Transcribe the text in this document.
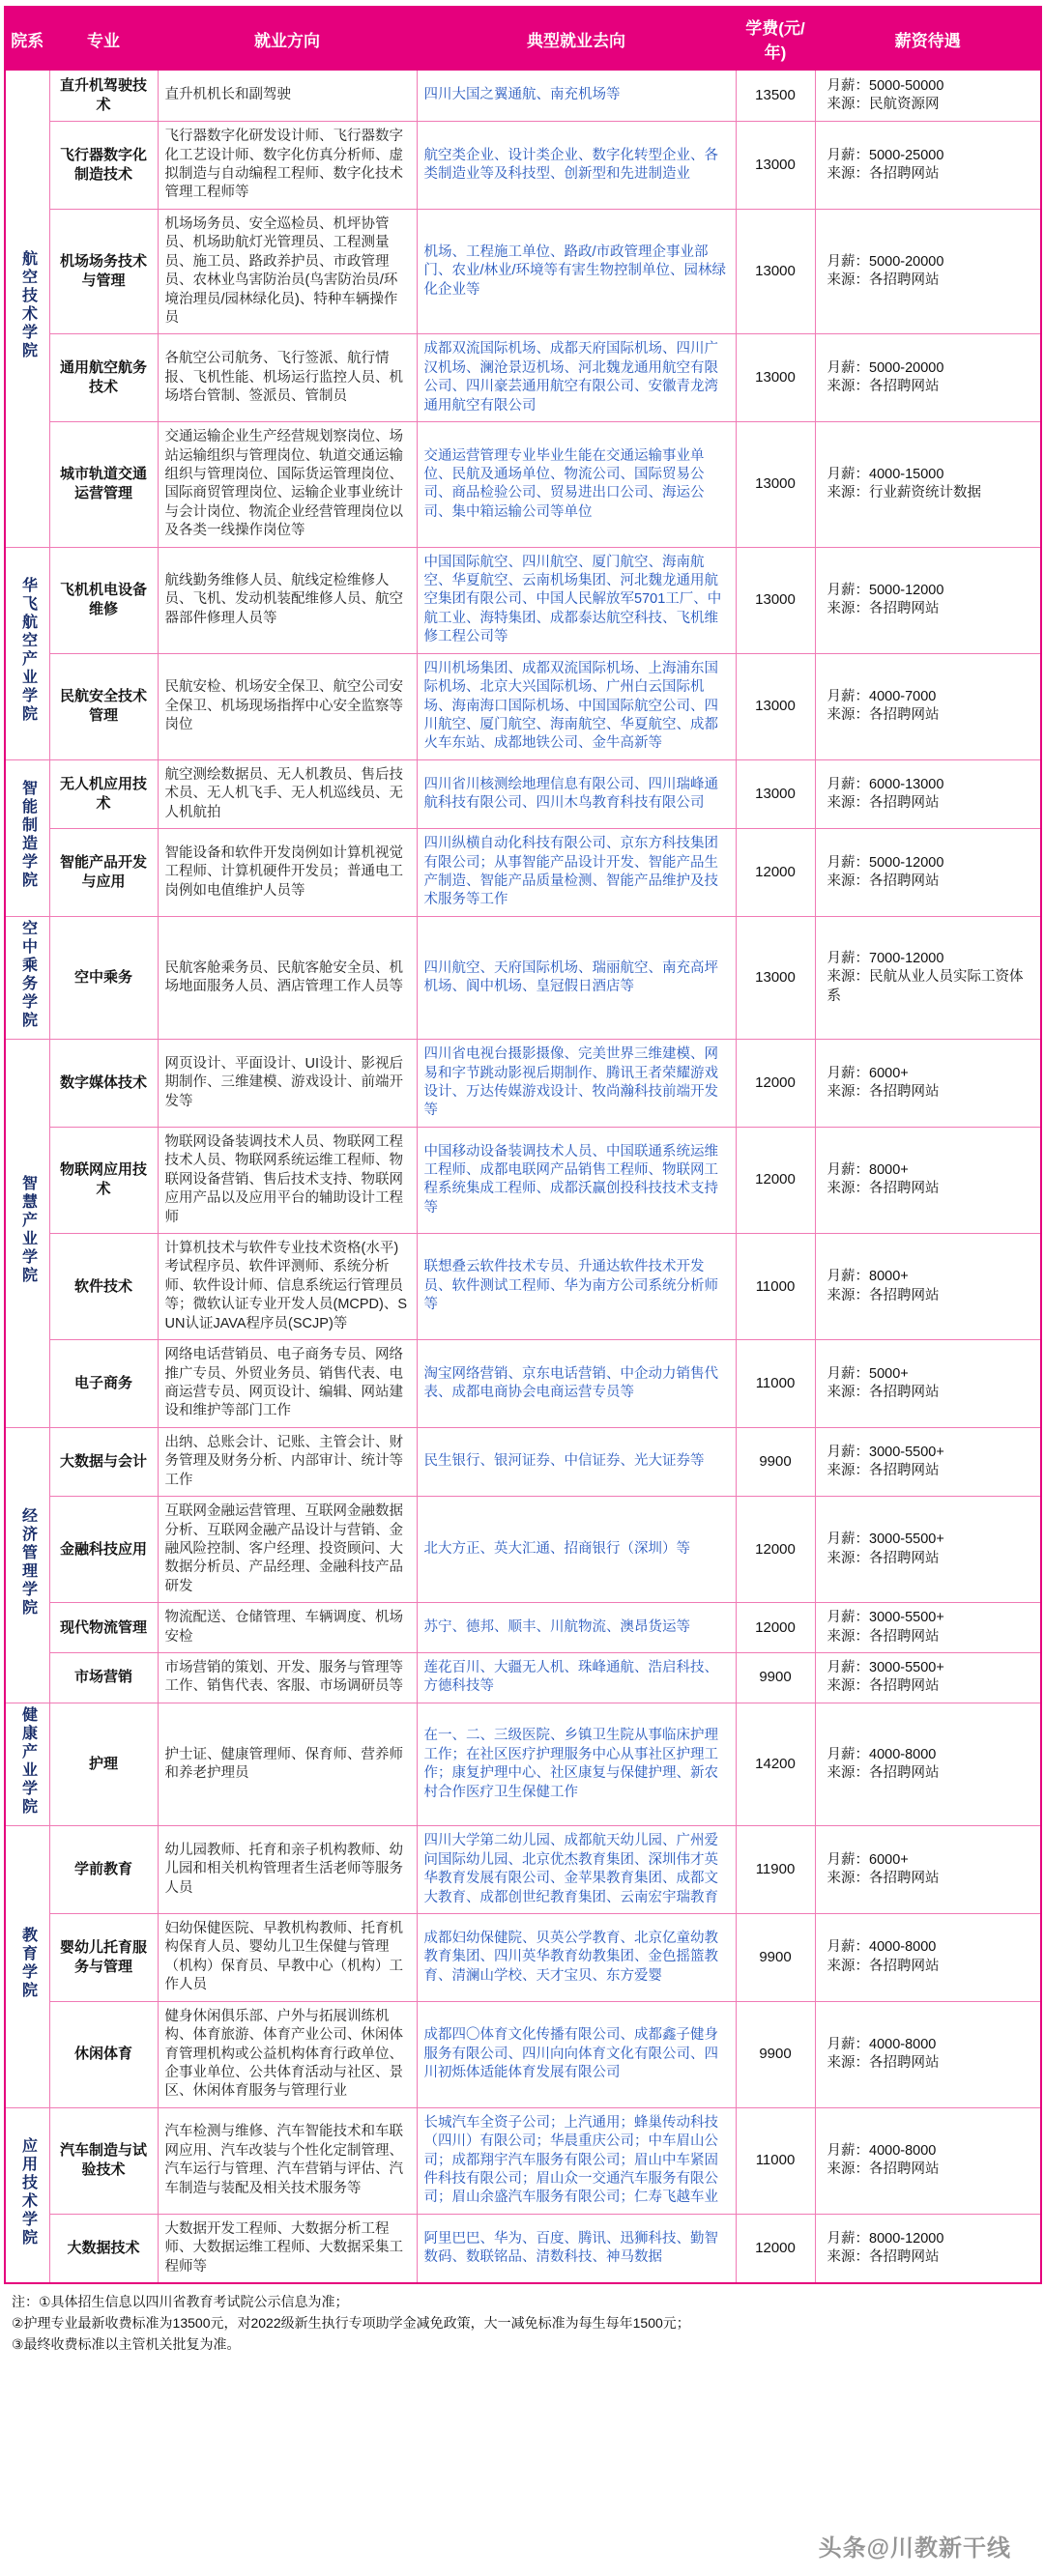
院系	专业	就业方向	典型就业去向	学费(元/年)	薪资待遇
航空技术学院	直升机驾驶技术	直升机机长和副驾驶	四川大国之翼通航、南充机场等	13500	月薪：5000-50000
来源：民航资源网

	飞行器数字化制造技术	飞行器数字化研发设计师、飞行器数字化工艺设计师、数字化仿真分析师、虚拟制造与自动编程工程师、数字化技术管理工程师等	航空类企业、设计类企业、数字化转型企业、各类制造业等及科技型、创新型和先进制造业	13000	月薪：5000-25000
来源：各招聘网站

	机场场务技术与管理	机场场务员、安全巡检员、机坪协管员、机场助航灯光管理员、工程测量员、施工员、路政养护员、市政管理员、农林业鸟害防治员(鸟害防治员/环境治理员/园林绿化员)、特种车辆操作员	机场、工程施工单位、路政/市政管理企事业部门、农业/林业/环境等有害生物控制单位、园林绿化企业等	13000	月薪：5000-20000
来源：各招聘网站

	通用航空航务技术	各航空公司航务、飞行签派、航行情报、飞机性能、机场运行监控人员、机场塔台管制、签派员、管制员	成都双流国际机场、成都天府国际机场、四川广汉机场、澜沧景迈机场、河北魏龙通用航空有限公司、四川豪芸通用航空有限公司、安徽青龙湾通用航空有限公司	13000	月薪：5000-20000
来源：各招聘网站

	城市轨道交通运营管理	交通运输企业生产经营规划察岗位、场站运输组织与管理岗位、轨道交通运输组织与管理岗位、国际货运管理岗位、国际商贸管理岗位、运输企业事业统计与会计岗位、物流企业经营管理岗位以及各类一线操作岗位等	交通运营管理专业毕业生能在交通运输事业单位、民航及通场单位、物流公司、国际贸易公司、商品检验公司、贸易进出口公司、海运公司、集中箱运输公司等单位	13000	月薪：4000-15000
来源：行业薪资统计数据

华飞航空产业学院	飞机机电设备维修	航线勤务维修人员、航线定检维修人员、飞机、发动机装配维修人员、航空器部件修理人员等	中国国际航空、四川航空、厦门航空、海南航空、华夏航空、云南机场集团、河北魏龙通用航空集团有限公司、中国人民解放军5701工厂、中航工业、海特集团、成都泰达航空科技、飞机维修工程公司等	13000	月薪：5000-12000
来源：各招聘网站

	民航安全技术管理	民航安检、机场安全保卫、航空公司安全保卫、机场现场指挥中心安全监察等岗位	四川机场集团、成都双流国际机场、上海浦东国际机场、北京大兴国际机场、广州白云国际机场、海南海口国际机场、中国国际航空公司、四川航空、厦门航空、海南航空、华夏航空、成都火车东站、成都地铁公司、金牛高新等	13000	月薪：4000-7000
来源：各招聘网站

智能制造学院	无人机应用技术	航空测绘数据员、无人机教员、售后技术员、无人机飞手、无人机巡线员、无人机航拍	四川省川核测绘地理信息有限公司、四川瑞峰通航科技有限公司、四川木鸟教育科技有限公司	13000	月薪：6000-13000
来源：各招聘网站

	智能产品开发与应用	智能设备和软件开发岗例如计算机视觉工程师、计算机硬件开发员；普通电工岗例如电值维护人员等	四川纵横自动化科技有限公司、京东方科技集团有限公司；从事智能产品设计开发、智能产品生产制造、智能产品质量检测、智能产品维护及技术服务等工作	12000	月薪：5000-12000
来源：各招聘网站

空中乘务学院	空中乘务	民航客舱乘务员、民航客舱安全员、机场地面服务人员、酒店管理工作人员等	四川航空、天府国际机场、瑞丽航空、南充高坪机场、阆中机场、皇冠假日酒店等	13000	月薪：7000-12000
来源：民航从业人员实际工资体系

智慧产业学院	数字媒体技术	网页设计、平面设计、UI设计、影视后期制作、三维建模、游戏设计、前端开发等	四川省电视台摄影摄像、完美世界三维建模、网易和字节跳动影视后期制作、腾讯王者荣耀游戏设计、万达传媒游戏设计、牧尚瀚科技前端开发等	12000	月薪：6000+
来源：各招聘网站

	物联网应用技术	物联网设备装调技术人员、物联网工程技术人员、物联网系统运维工程师、物联网设备营销、售后技术支持、物联网应用产品以及应用平台的辅助设计工程师	中国移动设备装调技术人员、中国联通系统运维工程师、成都电联网产品销售工程师、物联网工程系统集成工程师、成都沃赢创投科技技术支持等	12000	月薪：8000+
来源：各招聘网站

	软件技术	计算机技术与软件专业技术资格(水平)考试程序员、软件评测师、系统分析师、软件设计师、信息系统运行管理员等；微软认证专业开发人员(MCPD)、SUN认证JAVA程序员(SCJP)等	联想叠云软件技术专员、升通达软件技术开发员、软件测试工程师、华为南方公司系统分析师等	11000	月薪：8000+
来源：各招聘网站

	电子商务	网络电话营销员、电子商务专员、网络推广专员、外贸业务员、销售代表、电商运营专员、网页设计、编辑、网站建设和维护等部门工作	淘宝网络营销、京东电话营销、中企动力销售代表、成都电商协会电商运营专员等	11000	月薪：5000+
来源：各招聘网站

经济管理学院	大数据与会计	出纳、总账会计、记账、主管会计、财务管理及财务分析、内部审计、统计等工作	民生银行、银河证券、中信证券、光大证券等	9900	月薪：3000-5500+
来源：各招聘网站

	金融科技应用	互联网金融运营管理、互联网金融数据分析、互联网金融产品设计与营销、金融风险控制、客户经理、投资顾问、大数据分析员、产品经理、金融科技产品研发	北大方正、英大汇通、招商银行（深圳）等	12000	月薪：3000-5500+
来源：各招聘网站

	现代物流管理	物流配送、仓储管理、车辆调度、机场安检	苏宁、德邦、顺丰、川航物流、澳昂货运等	12000	月薪：3000-5500+
来源：各招聘网站

	市场营销	市场营销的策划、开发、服务与管理等工作、销售代表、客服、市场调研员等	莲花百川、大疆无人机、珠峰通航、浩启科技、方德科技等	9900	月薪：3000-5500+
来源：各招聘网站

健康产业学院	护理	护士证、健康管理师、保育师、营养师和养老护理员	在一、二、三级医院、乡镇卫生院从事临床护理工作；在社区医疗护理服务中心从事社区护理工作；康复护理中心、社区康复与保健护理、新农村合作医疗卫生保健工作	14200	月薪：4000-8000
来源：各招聘网站

教育学院	学前教育	幼儿园教师、托育和亲子机构教师、幼儿园和相关机构管理者生活老师等服务人员	四川大学第二幼儿园、成都航天幼儿园、广州爱问国际幼儿园、北京优杰教育集团、深圳伟才英华教育发展有限公司、金苹果教育集团、成都文大教育、成都创世纪教育集团、云南宏宇瑞教育	11900	月薪：6000+
来源：各招聘网站

	婴幼儿托育服务与管理	妇幼保健医院、早教机构教师、托育机构保育人员、婴幼儿卫生保健与管理（机构）保育员、早教中心（机构）工作人员	成都妇幼保健院、贝英公学教育、北京亿童幼教教育集团、四川英华教育幼教集团、金色摇篮教育、清澜山学校、天才宝贝、东方爱婴	9900	月薪：4000-8000
来源：各招聘网站

	休闲体育	健身休闲俱乐部、户外与拓展训练机构、体育旅游、体育产业公司、休闲体育管理机构或公益机构体育行政单位、企事业单位、公共体育活动与社区、景区、休闲体育服务与管理行业	成都四〇体育文化传播有限公司、成都鑫子健身服务有限公司、四川向向体育文化有限公司、四川初烁体适能体育发展有限公司	9900	月薪：4000-8000
来源：各招聘网站

应用技术学院	汽车制造与试验技术	汽车检测与维修、汽车智能技术和车联网应用、汽车改装与个性化定制管理、汽车运行与管理、汽车营销与评估、汽车制造与装配及相关技术服务等	长城汽车全资子公司；上汽通用；蜂巢传动科技（四川）有限公司；华晨重庆公司；中车眉山公司；成都翔宇汽车服务有限公司；眉山中车紧固件科技有限公司；眉山众一交通汽车服务有限公司；眉山余盛汽车服务有限公司；仁寿飞越车业	11000	月薪：4000-8000
来源：各招聘网站

	大数据技术	大数据开发工程师、大数据分析工程师、大数据运维工程师、大数据采集工程师等	阿里巴巴、华为、百度、腾讯、迅狮科技、勤智数码、数联铭品、清数科技、神马数据	12000	月薪：8000-12000
来源：各招聘网站
注：①具体招生信息以四川省教育考试院公示信息为准；
②护理专业最新收费标准为13500元，对2022级新生执行专项助学金减免政策，大一减免标准为每生每年1500元；
③最终收费标准以主管机关批复为准。
头条@川教新干线
